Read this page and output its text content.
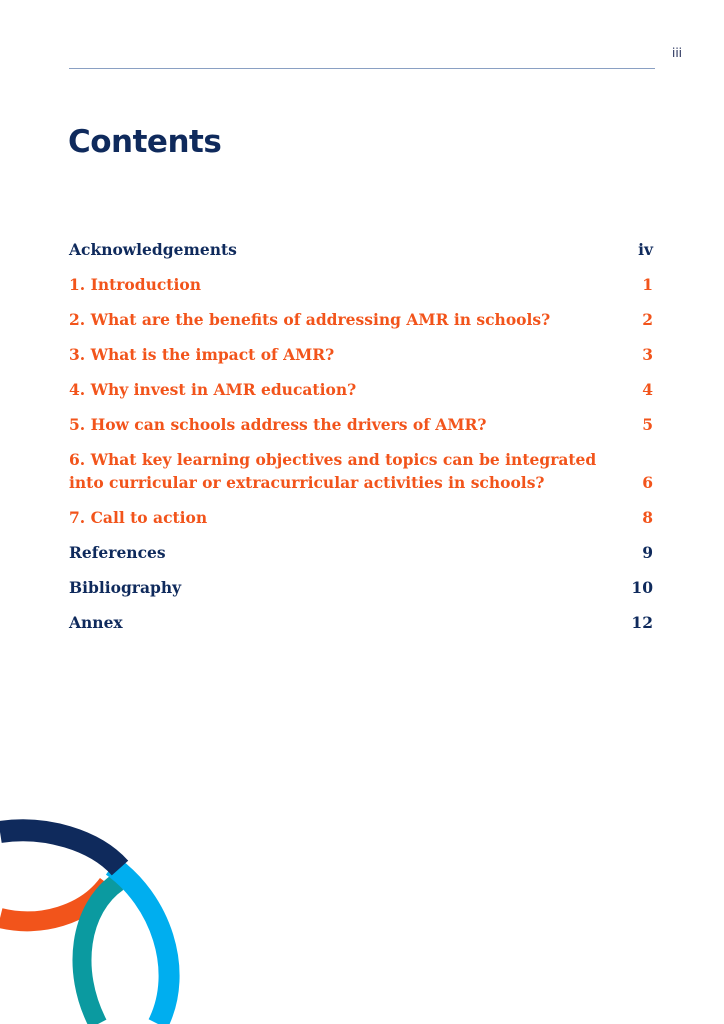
iii
Contents
Acknowledgements	iv
1. Introduction	1
2. What are the benefits of addressing AMR in schools?	2
3. What is the impact of AMR?	3
4. Why invest in AMR education?	4
5. How can schools address the drivers of AMR?	5
6. What key learning objectives and topics can be integrated into curricular or extracurricular activities in schools?	6
7. Call to action	8
References	9
Bibliography	10
Annex	12
